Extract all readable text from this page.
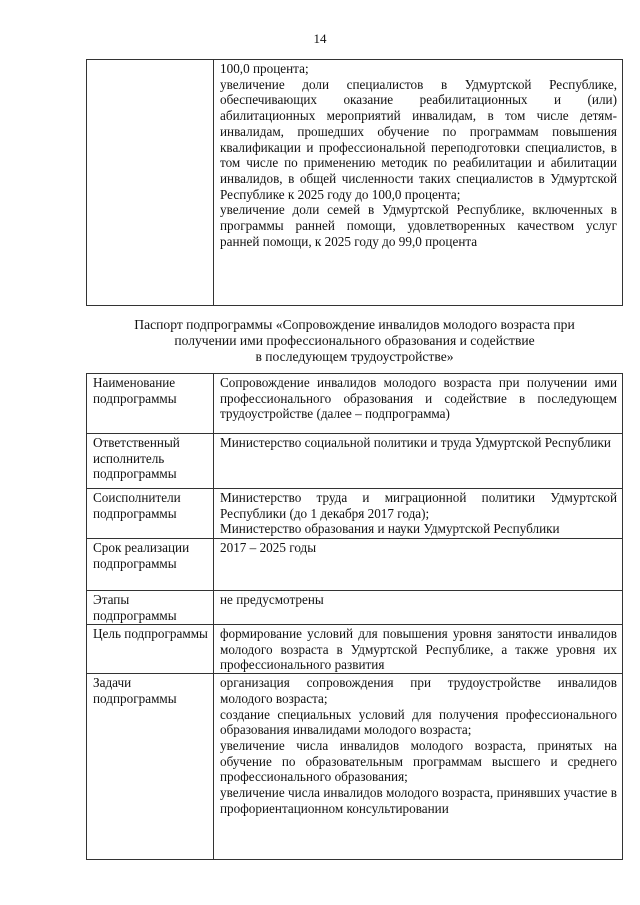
14

100,0 процента;

увеличение доли специалистов в Удмуртской Республике, обеспечивающих оказание реабилитационных и (или) абилитационных мероприятий инвалидам, в том числе детям-инвалидам, прошедших обучение по программам повышения квалификации и профессиональной переподготовки специалистов, в том числе по применению методик по реабилитации и абилитации инвалидов, в общей численности таких специалистов в Удмуртской Республике к 2025 году до 100,0 процента;

увеличение доли семей в Удмуртской Республике, включенных в программы ранней помощи, удовлетворенных качеством услуг ранней помощи, к 2025 году до 99,0 процента

Паспорт подпрограммы «Сопровождение инвалидов молодого возраста при
получении ими профессионального образования и содействие
в последующем трудоустройстве»
Наименование подпрограммы	Сопровождение инвалидов молодого возраста при получении ими профессионального образования и содействие в последующем трудоустройстве (далее – подпрограмма)
Ответственный исполнитель подпрограммы	Министерство социальной политики и труда Удмуртской Республики
Соисполнители подпрограммы	Министерство труда и миграционной политики Удмуртской Республики (до 1 декабря 2017 года);

Министерство образования и науки Удмуртской Республики

Срок реализации подпрограммы	2017 – 2025 годы
Этапы подпрограммы	не предусмотрены
Цель подпрограммы	формирование условий для повышения уровня занятости инвалидов молодого возраста в Удмуртской Республике, а также уровня их профессионального развития
Задачи подпрограммы	организация сопровождения при трудоустройстве инвалидов молодого возраста;

создание специальных условий для получения профессионального образования инвалидами молодого возраста;

увеличение числа инвалидов молодого возраста, принятых на обучение по образовательным программам высшего и среднего профессионального образования;

увеличение числа инвалидов молодого возраста, принявших участие в профориентационном консультировании
